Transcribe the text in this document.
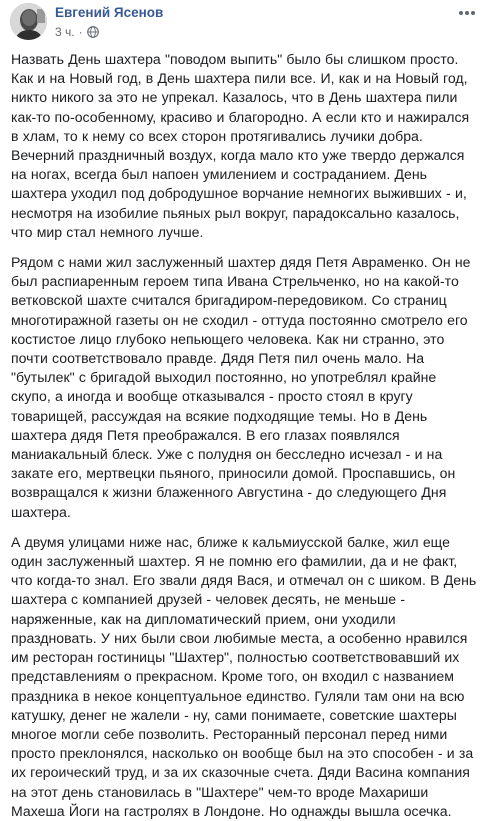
Евгений Ясенов
3 ч. ·

Назвать День шахтера "поводом выпить" было бы слишком просто. Как и на Новый год, в День шахтера пили все. И, как и на Новый год, никто никого за это не упрекал. Казалось, что в День шахтера пили как-то по-особенному, красиво и благородно. А если кто и нажирался в хлам, то к нему со всех сторон протягивались лучики добра. Вечерний праздничный воздух, когда мало кто уже твердо держался на ногах, всегда был напоен умилением и состраданием. День шахтера уходил под добродушное ворчание немногих выживших - и, несмотря на изобилие пьяных рыл вокруг, парадоксально казалось, что мир стал немного лучше.

Рядом с нами жил заслуженный шахтер дядя Петя Авраменко. Он не был распиаренным героем типа Ивана Стрельченко, но на какой-то ветковской шахте считался бригадиром-передовиком. Со страниц многотиражной газеты он не сходил - оттуда постоянно смотрело его костистое лицо глубоко непьющего человека. Как ни странно, это почти соответствовало правде. Дядя Петя пил очень мало. На "бутылек" с бригадой выходил постоянно, но употреблял крайне скупо, а иногда и вообще отказывался - просто стоял в кругу товарищей, рассуждая на всякие подходящие темы. Но в День шахтера дядя Петя преображался. В его глазах появлялся маниакальный блеск. Уже с полудня он бесследно исчезал - и на закате его, мертвецки пьяного, приносили домой. Проспавшись, он возвращался к жизни блаженного Августина - до следующего Дня шахтера.

А двумя улицами ниже нас, ближе к кальмиусской балке, жил еще один заслуженный шахтер. Я не помню его фамилии, да и не факт, что когда-то знал. Его звали дядя Вася, и отмечал он с шиком. В День шахтера с компанией друзей - человек десять, не меньше - наряженные, как на дипломатический прием, они уходили праздновать. У них были свои любимые места, а особенно нравился им ресторан гостиницы "Шахтер", полностью соответствовавший их представлениям о прекрасном. Кроме того, он входил с названием праздника в некое концептуальное единство. Гуляли там они на всю катушку, денег не жалели - ну, сами понимаете, советские шахтеры многое могли себе позволить. Ресторанный персонал перед ними просто преклонялся, насколько он вообще был на это способен - и за их героический труд, и за их сказочные счета. Дяди Васина компания на этот день становилась в "Шахтере" чем-то вроде Махариши Махеша Йоги на гастролях в Лондоне. Но однажды вышла осечка.
